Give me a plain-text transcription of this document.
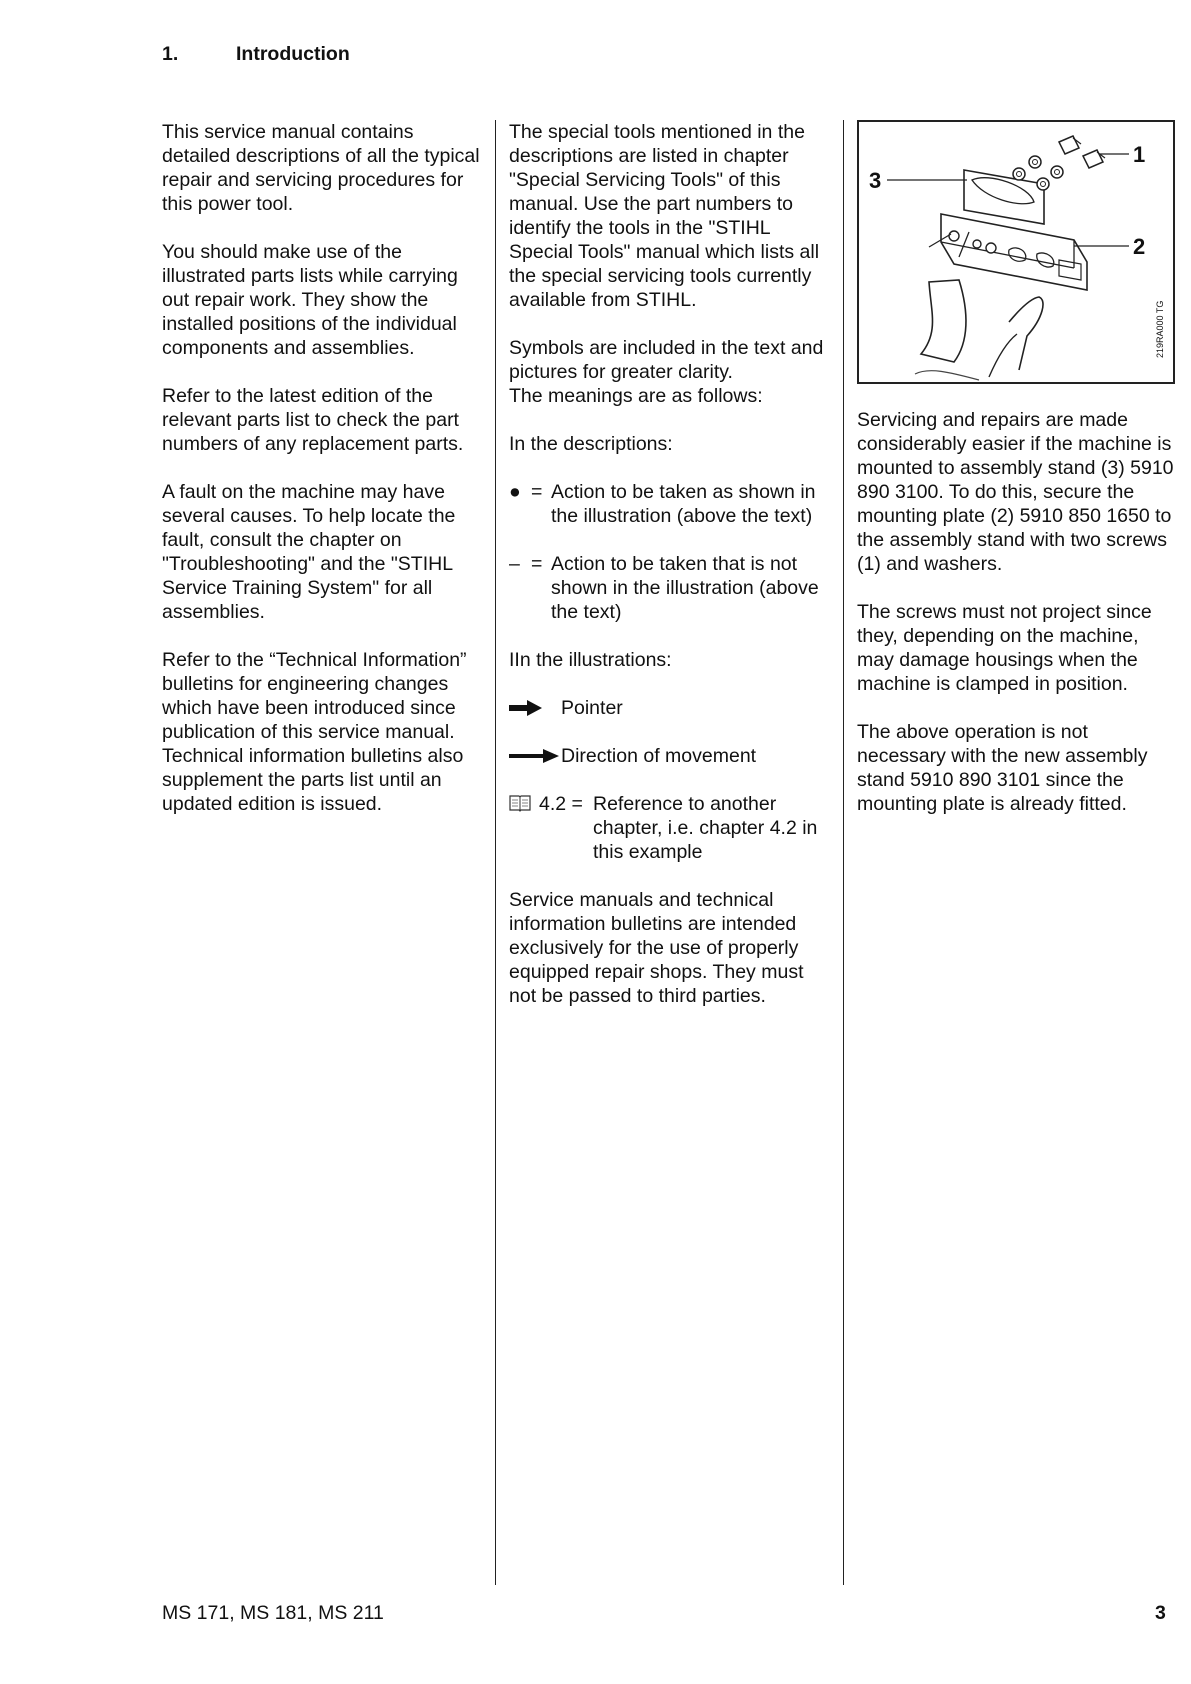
1.	Introduction

This service manual contains detailed descriptions of all the typical repair and servicing procedures for this power tool.

You should make use of the illustrated parts lists while carrying out repair work. They show the installed positions of the individual components and assemblies.

Refer to the latest edition of the relevant parts list to check the part numbers of any replacement parts.

A fault on the machine may have several causes. To help locate the fault, consult the chapter on "Troubleshooting" and the "STIHL Service Training System" for all assemblies.

Refer to the “Technical Information” bulletins for engineering changes which have been introduced since publication of this service manual. Technical information bulletins also supplement the parts list until an updated edition is issued.

The special tools mentioned in the descriptions are listed in chapter "Special Servicing Tools" of this manual. Use the part numbers to identify the tools in the "STIHL Special Tools" manual which lists all the special servicing tools currently available from STIHL.

Symbols are included in the text and pictures for greater clarity.

The meanings are as follows:

In the descriptions:

● = Action to be taken as shown in the illustration (above the text)
– = Action to be taken that is not shown in the illustration (above the text)

IIn the illustrations:

Pointer
Direction of movement
4.2 = Reference to another chapter, i.e. chapter 4.2 in this example

Service manuals and technical information bulletins are intended exclusively for the use of properly equipped repair shops. They must not be passed to third parties.

1
2
3
219RA000 TG

Servicing and repairs are made considerably easier if the machine is mounted to assembly stand (3) 5910 890 3100. To do this, secure the mounting plate (2) 5910 850 1650 to the assembly stand with two screws (1) and washers.

The screws must not project since they, depending on the machine, may damage housings when the machine is clamped in position.

The above operation is not necessary with the new assembly stand 5910 890 3101 since the mounting plate is already fitted.

MS 171, MS 181, MS 211	3
